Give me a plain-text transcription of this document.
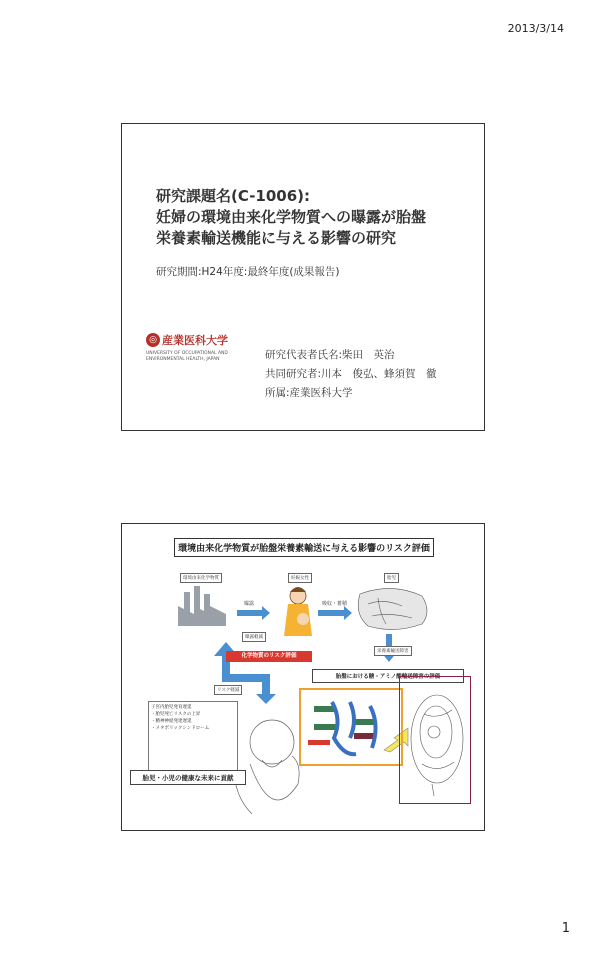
2013/3/14
研究課題名(C-1006):
妊婦の環境由来化学物質への曝露が胎盤
栄養素輸送機能に与える影響の研究
研究期間:H24年度:最終年度(成果報告)
◎ 産業医科大学
UNIVERSITY OF OCCUPATIONAL AND ENVIRONMENTAL HEALTH, JAPAN	研究代表者氏名:柴田　英治
共同研究者:川本　俊弘、蜂須賀　徹
所属:産業医科大学
環境由来化学物質が胎盤栄養素輸送に与える影響のリスク評価
環境由来化学物質	妊娠女性	胎児
曝露	吸収・蓄積
曝露軽減
栄養素輸送障害
化学物質のリスク評価
胎盤における糖・アミノ酸輸送障害の評価
リスク軽減
子宮内胎児発育遅延
・胎児死亡リスクの上昇
・精神神経発達遅延
・メタボリックシンドローム
胎児・小児の健康な未来に貢献
1
